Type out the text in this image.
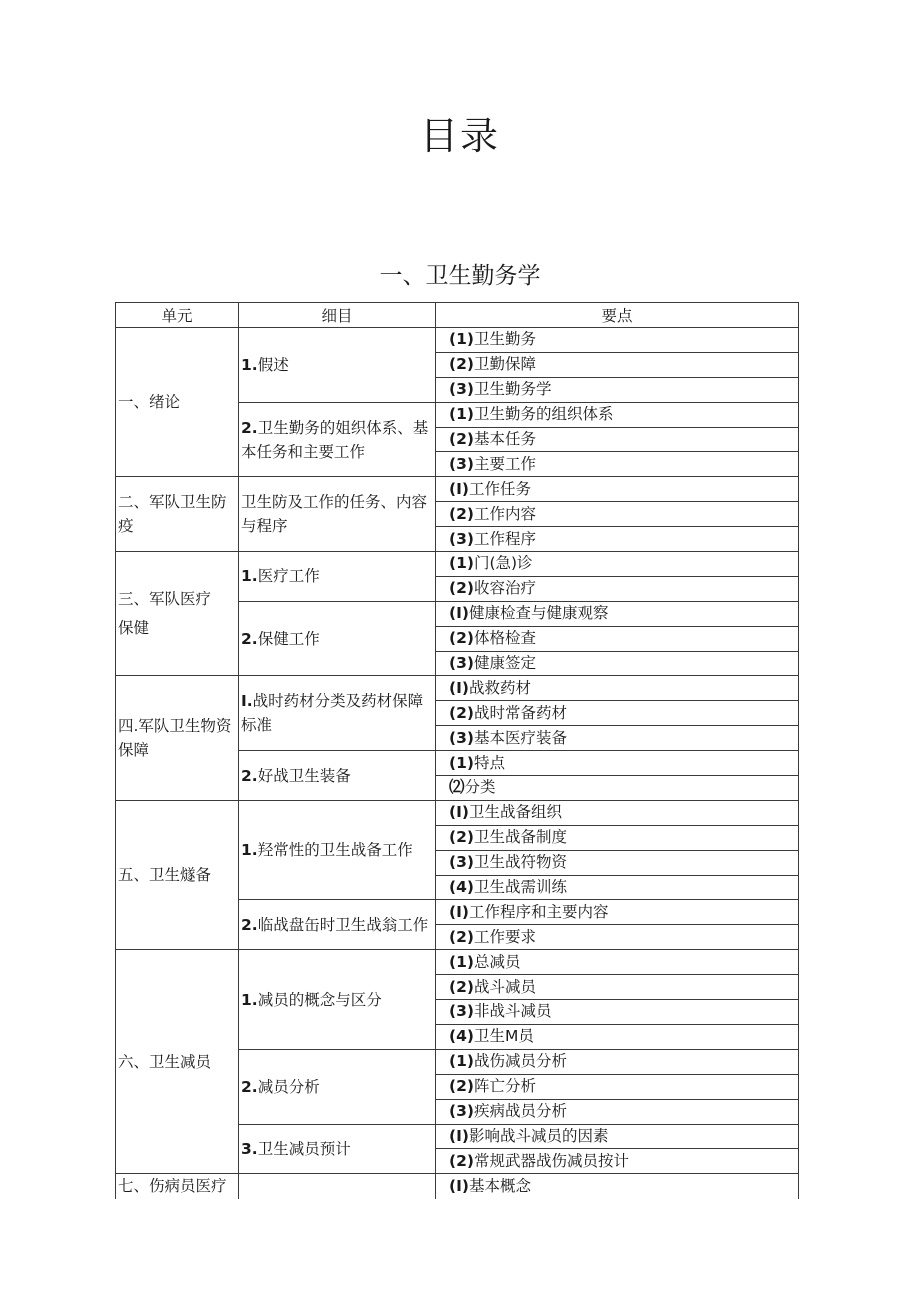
目录
一、卫生勤务学
单元	细目	要点
一、绪论	1.假述	(1)卫生勤务
		(2)卫勤保障
		(3)卫生勤务学
	2.卫生勤务的姐织体系、基本任务和主要工作	(1)卫生勤务的组织体系
		(2)基本任务
		(3)主要工作
二、军队卫生防疫	卫生防及工作的任务、内容与程序	(I)工作任务
		(2)工作内容
		(3)工作程序
三、军队医疗保健	1.医疗工作	(1)门(急)诊
		(2)收容治疗
	2.保健工作	(I)健康检查与健康观察
		(2)体格检查
		(3)健康签定
四.军队卫生物资保障	I.战时药材分类及药材保障标准	(I)战救药材
		(2)战时常备药材
		(3)基本医疗装备
	2.好战卫生装备	(1)特点
		⑵分类
五、卫生燧备	1.羟常性的卫生战备工作	(I)卫生战备组织
		(2)卫生战备制度
		(3)卫生战符物资
		(4)卫生战需训练
	2.临战盘缶时卫生战翁工作	(I)工作程序和主要内容
		(2)工作要求
六、卫生减员	1.减员的概念与区分	(1)总减员
		(2)战斗减员
		(3)非战斗减员
		(4)卫生M员
	2.减员分析	(1)战伤减员分析
		(2)阵亡分析
		(3)疾病战员分析
	3.卫生减员预计	(I)影响战斗减员的因素
		(2)常规武器战伤减员按计
七、伤病员医疗		(I)基本概念
